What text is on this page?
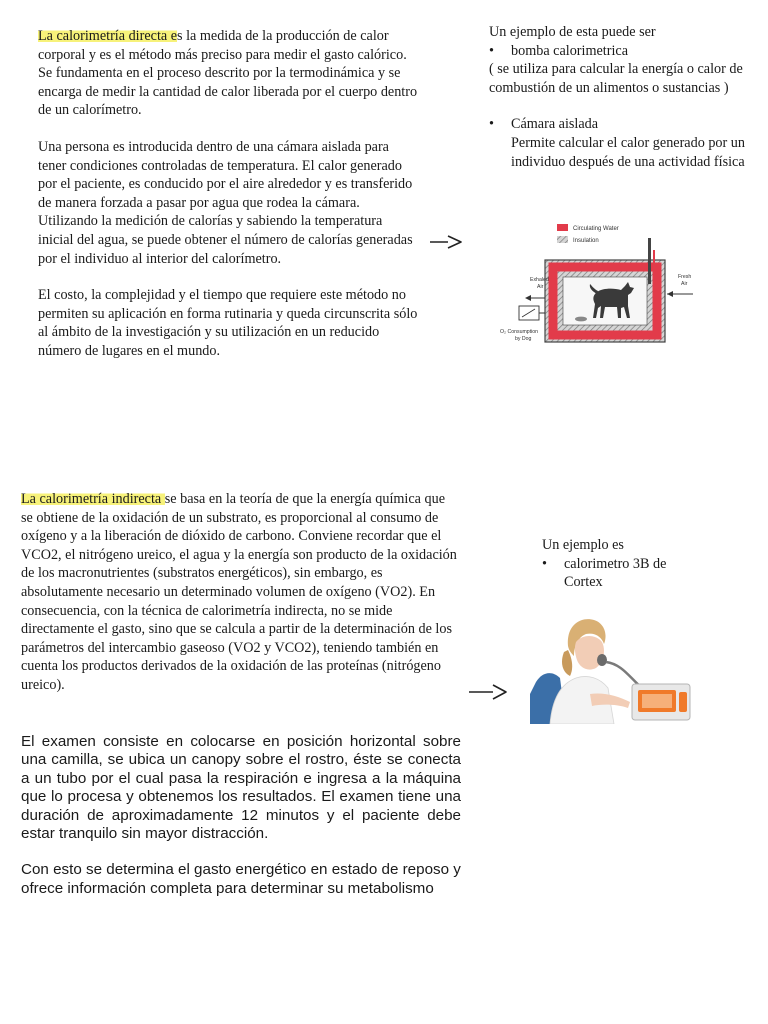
La calorimetría directa es la medida de la producción de calor corporal y es el método más preciso para medir el gasto calórico. Se fundamenta en el proceso descrito por la termodinámica y se encarga de medir la cantidad de calor liberada por el cuerpo dentro de un calorímetro.

Una persona es introducida dentro de una cámara aislada para tener condiciones controladas de temperatura. El calor generado por el paciente, es conducido por el aire alrededor y es transferido de manera forzada a pasar por agua que rodea la cámara. Utilizando la medición de calorías y sabiendo la temperatura inicial del agua, se puede obtener el número de calorías generadas por el individuo al interior del calorímetro.

El costo, la complejidad y el tiempo que requiere este método no permiten su aplicación en forma rutinaria y queda circunscrita sólo al ámbito de la investigación y su utilización en un reducido número de lugares en el mundo.

Un ejemplo de esta puede ser

• bomba calorimetrica

( se utiliza para calcular la energía o calor de combustión de un alimentos o sustancias )

• Cámara aislada
Permite calcular el calor generado por un individuo después de una actividad física
Circulating Water
Insulation
Fresh
Air
Exhaled
Air
O₂ Consumption
by Dog

La calorimetría indirecta se basa en la teoría de que la energía química que se obtiene de la oxidación de un substrato, es proporcional al consumo de oxígeno y a la liberación de dióxido de carbono. Conviene recordar que el VCO2, el nitrógeno ureico, el agua y la energía son producto de la oxidación de los macronutrientes (substratos energéticos), sin embargo, es absolutamente necesario un determinado volumen de oxígeno (VO2). En consecuencia, con la técnica de calorimetría indirecta, no se mide directamente el gasto, sino que se calcula a partir de la determinación de los parámetros del intercambio gaseoso (VO2 y VCO2), teniendo también en cuenta los productos derivados de la oxidación de las proteínas (nitrógeno ureico).

El examen consiste en colocarse en posición horizontal sobre una camilla, se ubica un canopy sobre el rostro, éste se conecta a un tubo por el cual pasa la respiración e ingresa a la máquina que lo procesa y obtenemos los resultados. El examen tiene una duración de aproximadamente 12 minutos y el paciente debe estar tranquilo sin mayor distracción.

Con esto se determina el gasto energético en estado de reposo y ofrece información completa para determinar su metabolismo

Un ejemplo es

• calorimetro 3B de
Cortex
